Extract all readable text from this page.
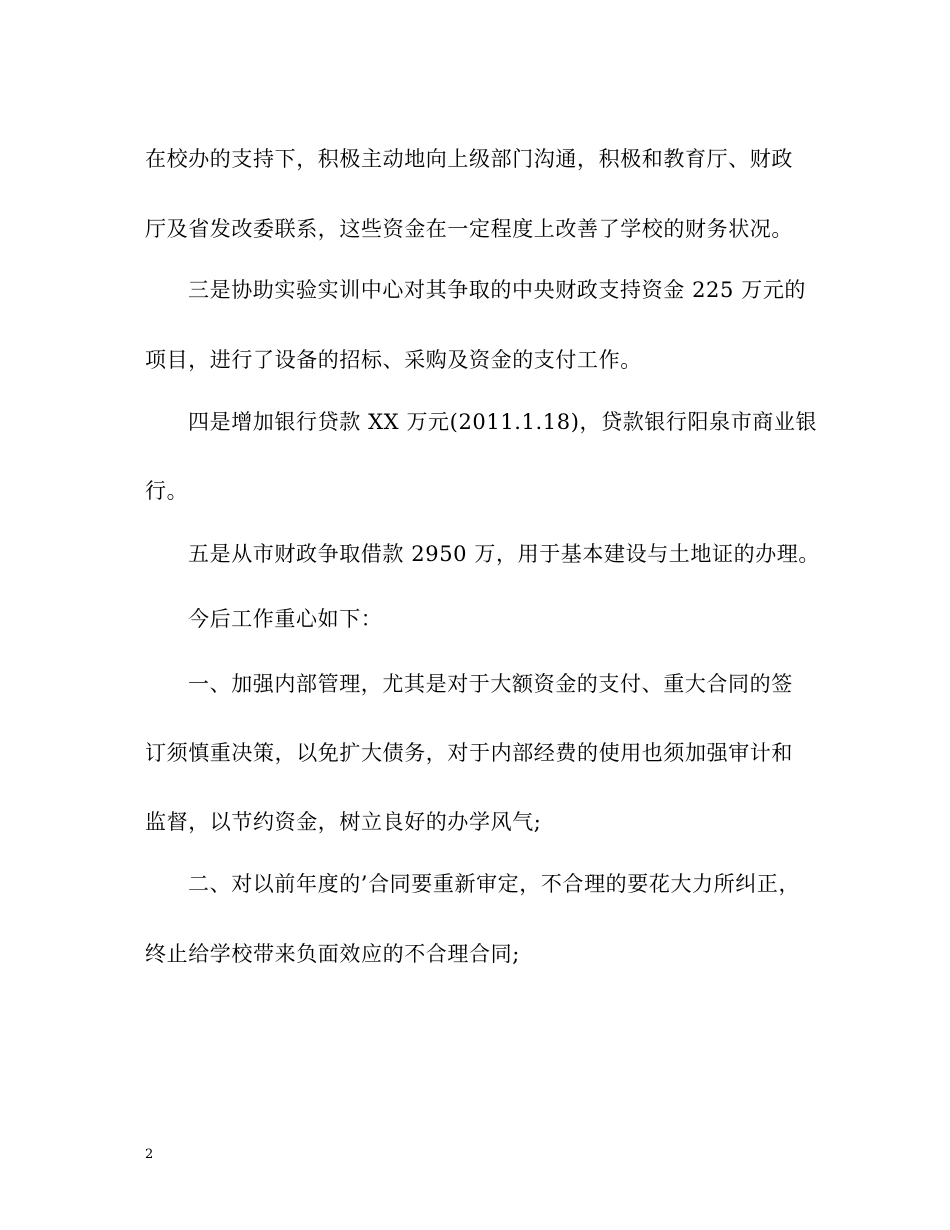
在校办的支持下，积极主动地向上级部门沟通，积极和教育厅、财政
厅及省发改委联系，这些资金在一定程度上改善了学校的财务状况。
三是协助实验实训中心对其争取的中央财政支持资金 225 万元的
项目，进行了设备的招标、采购及资金的支付工作。
四是增加银行贷款 XX 万元(2011.1.18)，贷款银行阳泉市商业银
行。
五是从市财政争取借款 2950 万，用于基本建设与土地证的办理。
今后工作重心如下：
一、加强内部管理，尤其是对于大额资金的支付、重大合同的签
订须慎重决策，以免扩大债务，对于内部经费的使用也须加强审计和
监督，以节约资金，树立良好的办学风气;
二、对以前年度的’合同要重新审定，不合理的要花大力所纠正，
终止给学校带来负面效应的不合理合同;
2
